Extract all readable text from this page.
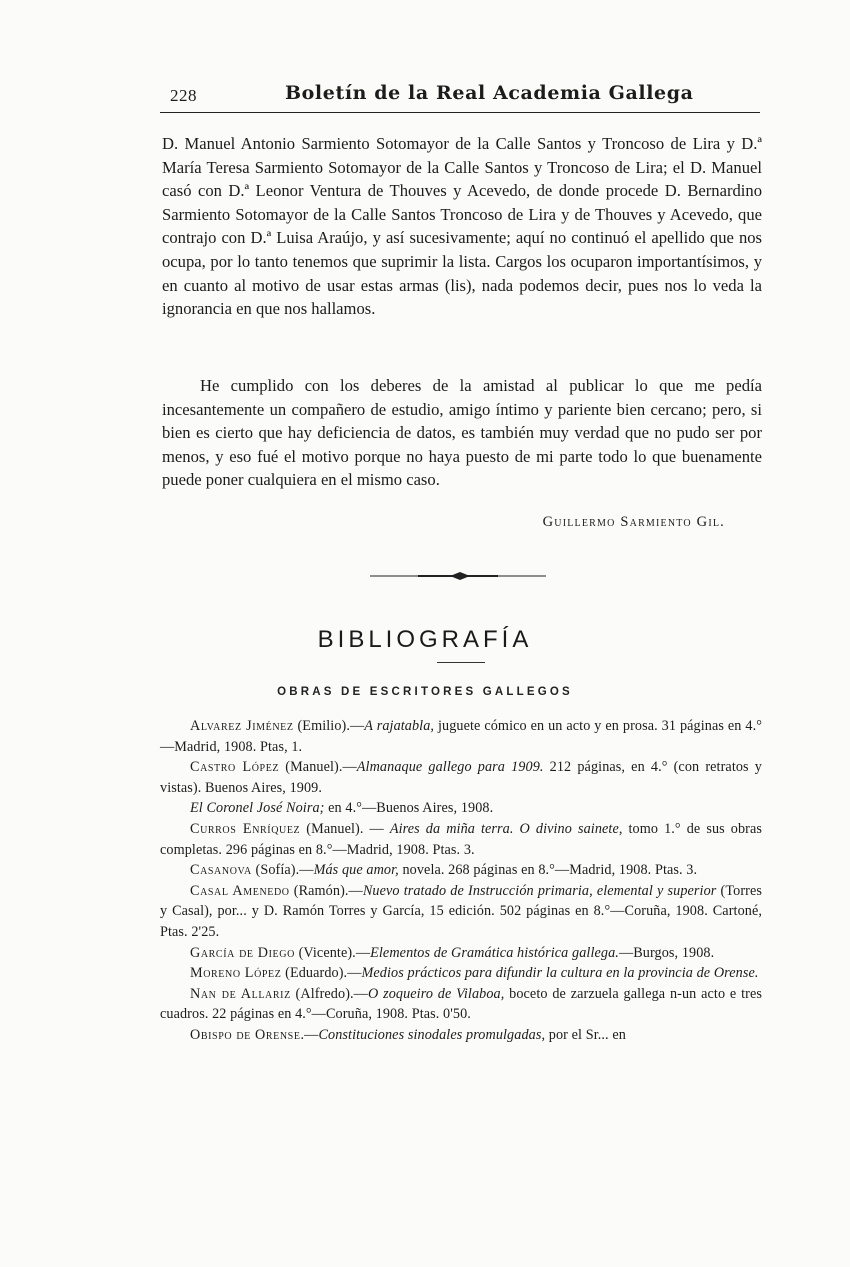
228	Boletín de la Real Academia Gallega

D. Manuel Antonio Sarmiento Sotomayor de la Calle Santos y Troncoso de Lira y D.ª María Teresa Sarmiento Sotomayor de la Calle Santos y Troncoso de Lira; el D. Manuel casó con D.ª Leonor Ventura de Thouves y Acevedo, de donde procede D. Bernardino Sarmiento Sotomayor de la Calle Santos Troncoso de Lira y de Thouves y Acevedo, que contrajo con D.ª Luisa Araújo, y así sucesivamente; aquí no continuó el apellido que nos ocupa, por lo tanto tenemos que suprimir la lista. Cargos los ocuparon importantísimos, y en cuanto al motivo de usar estas armas (lis), nada podemos decir, pues nos lo veda la ignorancia en que nos hallamos.

He cumplido con los deberes de la amistad al publicar lo que me pedía incesantemente un compañero de estudio, amigo íntimo y pariente bien cercano; pero, si bien es cierto que hay deficiencia de datos, es también muy verdad que no pudo ser por menos, y eso fué el motivo porque no haya puesto de mi parte todo lo que buenamente puede poner cualquiera en el mismo caso.

Guillermo Sarmiento Gil.
BIBLIOGRAFÍA
OBRAS DE ESCRITORES GALLEGOS

Alvarez Jiménez (Emilio).—A rajatabla, juguete cómico en un acto y en prosa. 31 páginas en 4.°—Madrid, 1908. Ptas, 1.

Castro López (Manuel).—Almanaque gallego para 1909. 212 páginas, en 4.° (con retratos y vistas). Buenos Aires, 1909.

El Coronel José Noira; en 4.°—Buenos Aires, 1908.

Curros Enríquez (Manuel). — Aires da miña terra. O divino sainete, tomo 1.° de sus obras completas. 296 páginas en 8.°—Madrid, 1908. Ptas. 3.

Casanova (Sofía).—Más que amor, novela. 268 páginas en 8.°—Madrid, 1908. Ptas. 3.

Casal Amenedo (Ramón).—Nuevo tratado de Instrucción primaria, elemental y superior (Torres y Casal), por... y D. Ramón Torres y García, 15 edición. 502 páginas en 8.°—Coruña, 1908. Cartoné, Ptas. 2'25.

García de Diego (Vicente).—Elementos de Gramática histórica gallega.—Burgos, 1908.

Moreno López (Eduardo).—Medios prácticos para difundir la cultura en la provincia de Orense.

Nan de Allariz (Alfredo).—O zoqueiro de Vilaboa, boceto de zarzuela gallega n-un acto e tres cuadros. 22 páginas en 4.°—Coruña, 1908. Ptas. 0'50.

Obispo de Orense.—Constituciones sinodales promulgadas, por el Sr... en
